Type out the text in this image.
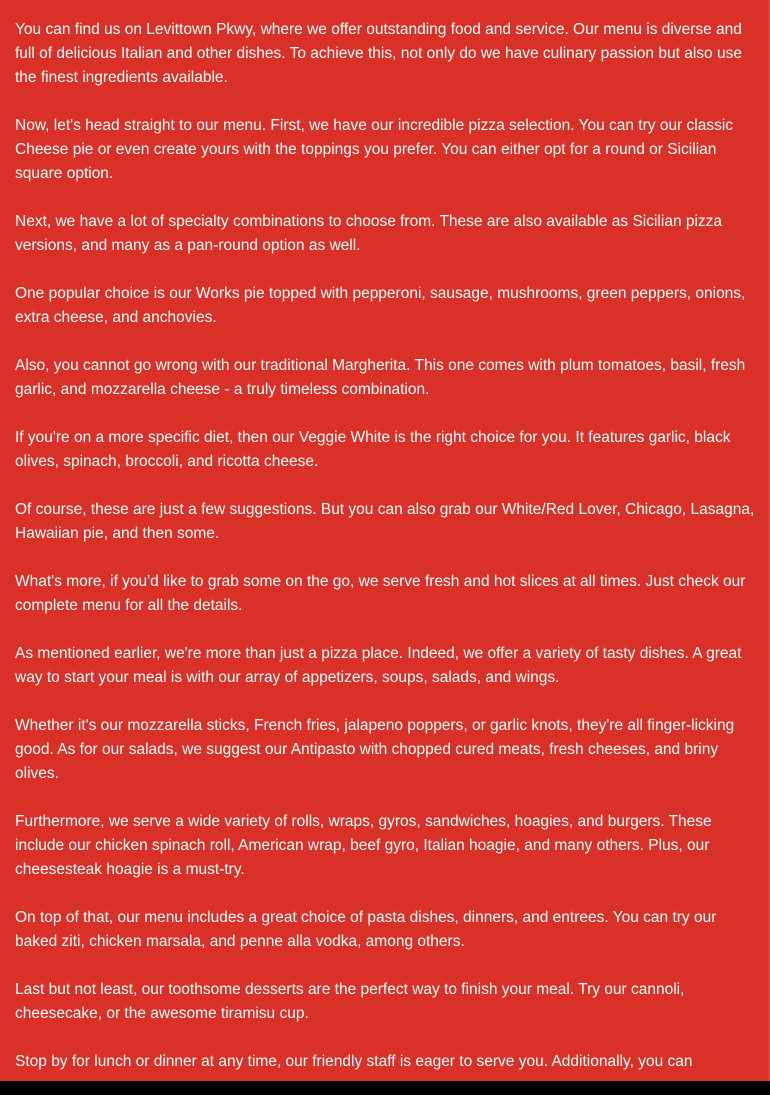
You can find us on Levittown Pkwy, where we offer outstanding food and service. Our menu is diverse and full of delicious Italian and other dishes. To achieve this, not only do we have culinary passion but also use the finest ingredients available.

Now, let's head straight to our menu. First, we have our incredible pizza selection. You can try our classic Cheese pie or even create yours with the toppings you prefer. You can either opt for a round or Sicilian square option.

Next, we have a lot of specialty combinations to choose from. These are also available as Sicilian pizza versions, and many as a pan-round option as well.

One popular choice is our Works pie topped with pepperoni, sausage, mushrooms, green peppers, onions, extra cheese, and anchovies.

Also, you cannot go wrong with our traditional Margherita. This one comes with plum tomatoes, basil, fresh garlic, and mozzarella cheese - a truly timeless combination.

If you're on a more specific diet, then our Veggie White is the right choice for you. It features garlic, black olives, spinach, broccoli, and ricotta cheese.

Of course, these are just a few suggestions. But you can also grab our White/Red Lover, Chicago, Lasagna, Hawaiian pie, and then some.

What's more, if you'd like to grab some on the go, we serve fresh and hot slices at all times. Just check our complete menu for all the details.

As mentioned earlier, we're more than just a pizza place. Indeed, we offer a variety of tasty dishes. A great way to start your meal is with our array of appetizers, soups, salads, and wings.

Whether it's our mozzarella sticks, French fries, jalapeno poppers, or garlic knots, they're all finger-licking good. As for our salads, we suggest our Antipasto with chopped cured meats, fresh cheeses, and briny olives.

Furthermore, we serve a wide variety of rolls, wraps, gyros, sandwiches, hoagies, and burgers. These include our chicken spinach roll, American wrap, beef gyro, Italian hoagie, and many others. Plus, our cheesesteak hoagie is a must-try.

On top of that, our menu includes a great choice of pasta dishes, dinners, and entrees. You can try our baked ziti, chicken marsala, and penne alla vodka, among others.

Last but not least, our toothsome desserts are the perfect way to finish your meal. Try our cannoli, cheesecake, or the awesome tiramisu cup.

Stop by for lunch or dinner at any time, our friendly staff is eager to serve you. Additionally, you can
